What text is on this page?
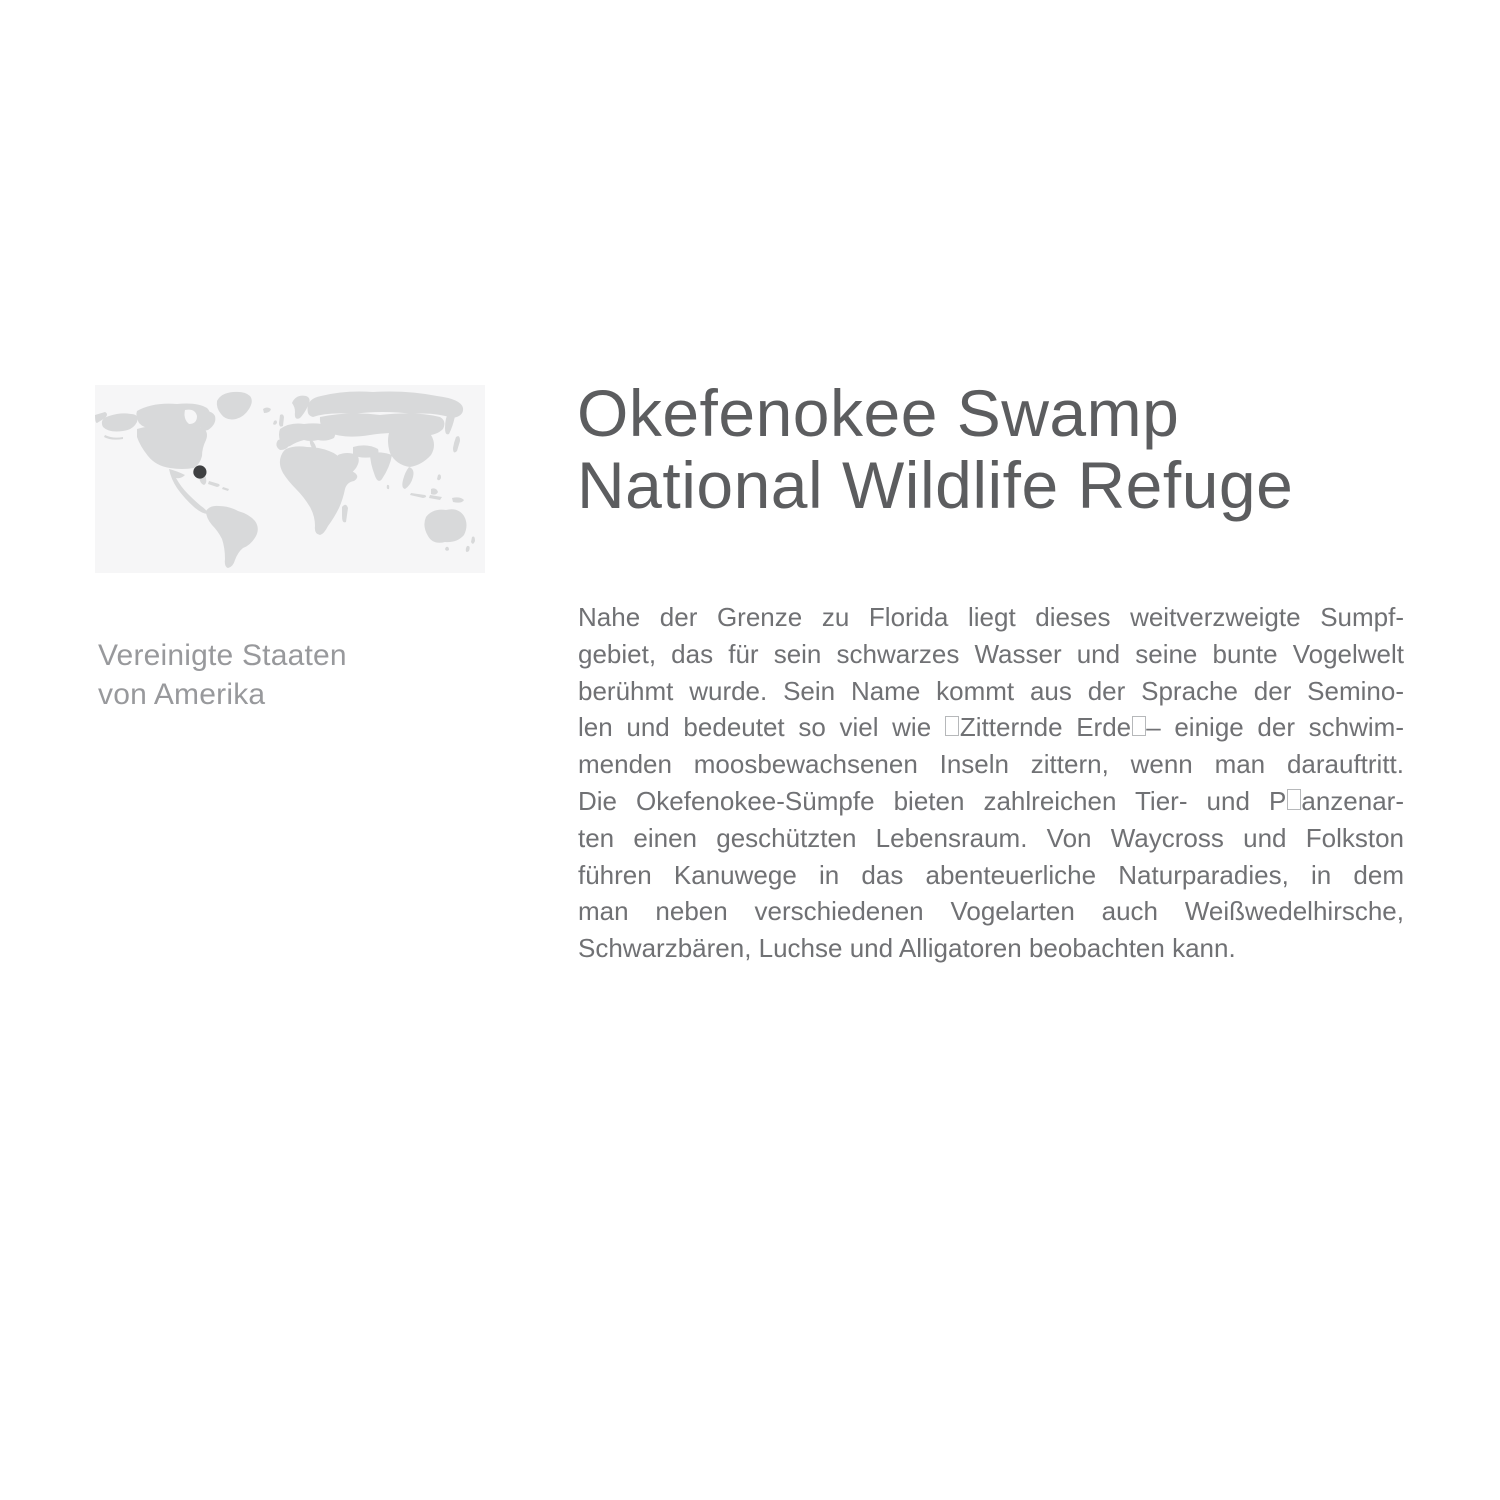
Vereinigte Staaten
von Amerika
Okefenokee Swamp
National Wildlife Refuge
Nahe der Grenze zu Florida liegt dieses weitverzweigte Sumpf-
gebiet, das für sein schwarzes Wasser und seine bunte Vogelwelt
berühmt wurde. Sein Name kommt aus der Sprache der Semino-
len und bedeutet so viel wie Zitternde Erde – einige der schwim-
menden moosbewachsenen Inseln zittern, wenn man darauftritt.
Die Okefenokee-Sümpfe bieten zahlreichen Tier- und P anzenar-
ten einen geschützten Lebensraum. Von Waycross und Folkston
führen Kanuwege in das abenteuerliche Naturparadies, in dem
man neben verschiedenen Vogelarten auch Weißwedelhirsche,
Schwarzbären, Luchse und Alligatoren beobachten kann.
